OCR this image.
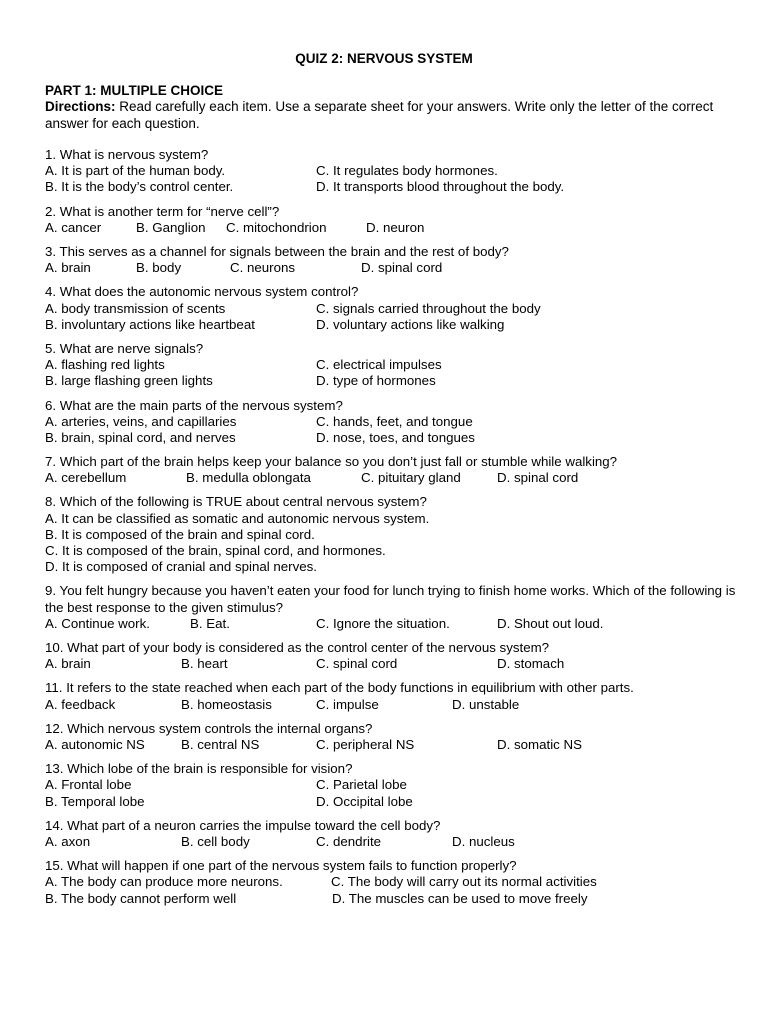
QUIZ 2: NERVOUS SYSTEM
PART 1: MULTIPLE CHOICE
Directions: Read carefully each item. Use a separate sheet for your answers. Write only the letter of the correct answer for each question.
1. What is nervous system?
A. It is part of the human body.	C. It regulates body hormones.
B. It is the body’s control center.	D. It transports blood throughout the body.
2. What is another term for “nerve cell”?
A. cancer	B. Ganglion C. mitochondrion	D. neuron
3. This serves as a channel for signals between the brain and the rest of body?
A. brain	B. body	C. neurons	D. spinal cord
4. What does the autonomic nervous system control?
A. body transmission of scents	C. signals carried throughout the body
B. involuntary actions like heartbeat	D. voluntary actions like walking
5. What are nerve signals?
A. flashing red lights	C. electrical impulses
B. large flashing green lights	D. type of hormones
6. What are the main parts of the nervous system?
A. arteries, veins, and capillaries	C. hands, feet, and tongue
B. brain, spinal cord, and nerves	D. nose, toes, and tongues
7. Which part of the brain helps keep your balance so you don’t just fall or stumble while walking?
A. cerebellum	B. medulla oblongata	C. pituitary gland	D. spinal cord
8. Which of the following is TRUE about central nervous system?
A. It can be classified as somatic and autonomic nervous system.
B. It is composed of the brain and spinal cord.
C. It is composed of the brain, spinal cord, and hormones.
D. It is composed of cranial and spinal nerves.
9. You felt hungry because you haven’t eaten your food for lunch trying to finish home works. Which of the following is the best response to the given stimulus?
A. Continue work.	B. Eat.	C. Ignore the situation.	D. Shout out loud.
10. What part of your body is considered as the control center of the nervous system?
A. brain	B. heart	C. spinal cord	D. stomach
11. It refers to the state reached when each part of the body functions in equilibrium with other parts.
A. feedback	B. homeostasis	C. impulse	D. unstable
12. Which nervous system controls the internal organs?
A. autonomic NS	B. central NS	C. peripheral NS	D. somatic NS
13. Which lobe of the brain is responsible for vision?
A. Frontal lobe	C. Parietal lobe
B. Temporal lobe	D. Occipital lobe
14. What part of a neuron carries the impulse toward the cell body?
A. axon	B. cell body	C. dendrite	D. nucleus
15. What will happen if one part of the nervous system fails to function properly?
A. The body can produce more neurons.	C. The body will carry out its normal activities
B. The body cannot perform well	D. The muscles can be used to move freely
